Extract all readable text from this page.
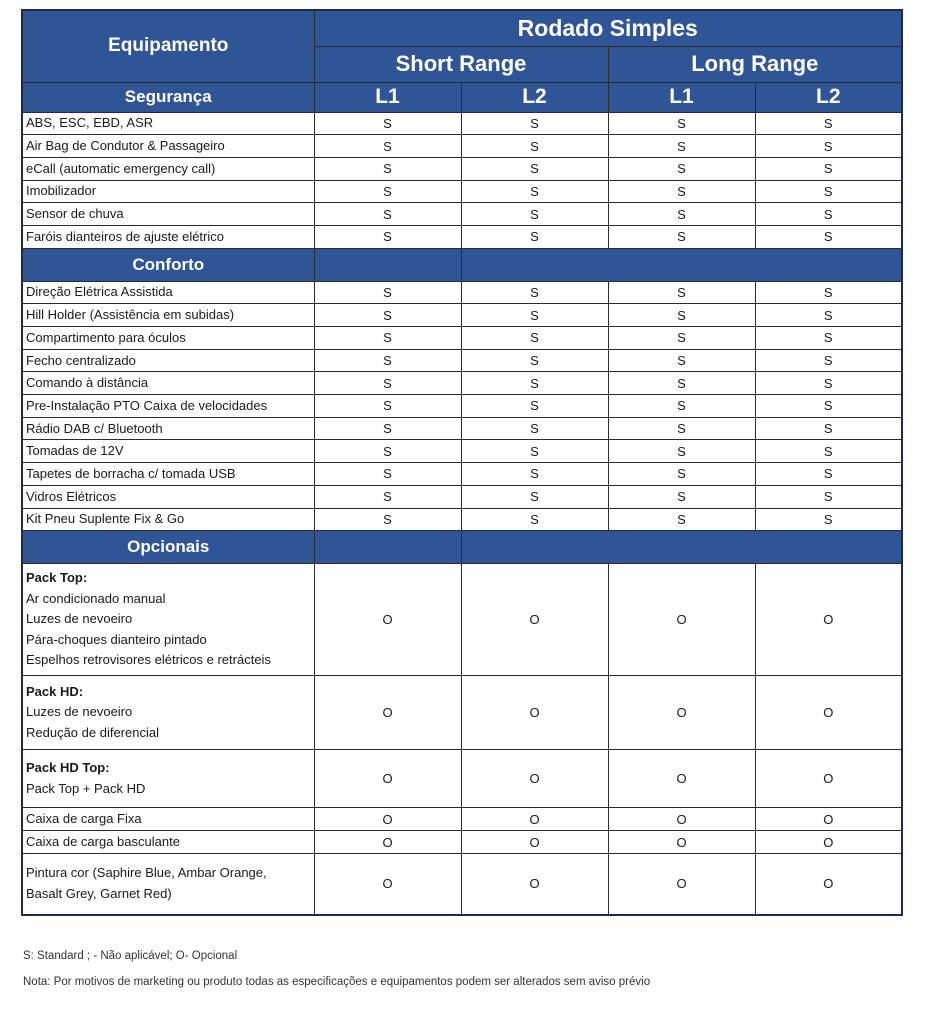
Equipamento	Rodado Simples			
	Short Range		Long Range	
Segurança	L1	L2	L1	L2
ABS, ESC, EBD, ASR	S	S	S	S
Air Bag de Condutor & Passageiro	S	S	S	S
eCall (automatic emergency call)	S	S	S	S
Imobilizador	S	S	S	S
Sensor de chuva	S	S	S	S
Faróis dianteiros de ajuste elétrico	S	S	S	S
Conforto				
Direção Elétrica Assistida	S	S	S	S
Hill Holder (Assistência em subidas)	S	S	S	S
Compartimento para óculos	S	S	S	S
Fecho centralizado	S	S	S	S
Comando à distância	S	S	S	S
Pre-Instalação PTO Caixa de velocidades	S	S	S	S
Rádio DAB c/ Bluetooth	S	S	S	S
Tomadas de 12V	S	S	S	S
Tapetes de borracha c/ tomada USB	S	S	S	S
Vidros Elétricos	S	S	S	S
Kit Pneu Suplente Fix & Go	S	S	S	S
Opcionais				

Pack Top:
Ar condicionado manual
Luzes de nevoeiro
Pára-choques dianteiro pintado
Espelhos retrovisores elétricos e retrácteis	O	O	O	O

Pack HD:
Luzes de nevoeiro
Redução de diferencial	O	O	O	O

Pack HD Top:
Pack Top + Pack HD	O	O	O	O
Caixa de carga Fixa	O	O	O	O
Caixa de carga basculante	O	O	O	O

Pintura cor (Saphire Blue, Ambar Orange,
Basalt Grey, Garnet Red)	O	O	O	O
S: Standard ; - Não aplicável; O- Opcional
Nota: Por motivos de marketing ou produto todas as especificações e equipamentos podem ser alterados sem aviso prévio
